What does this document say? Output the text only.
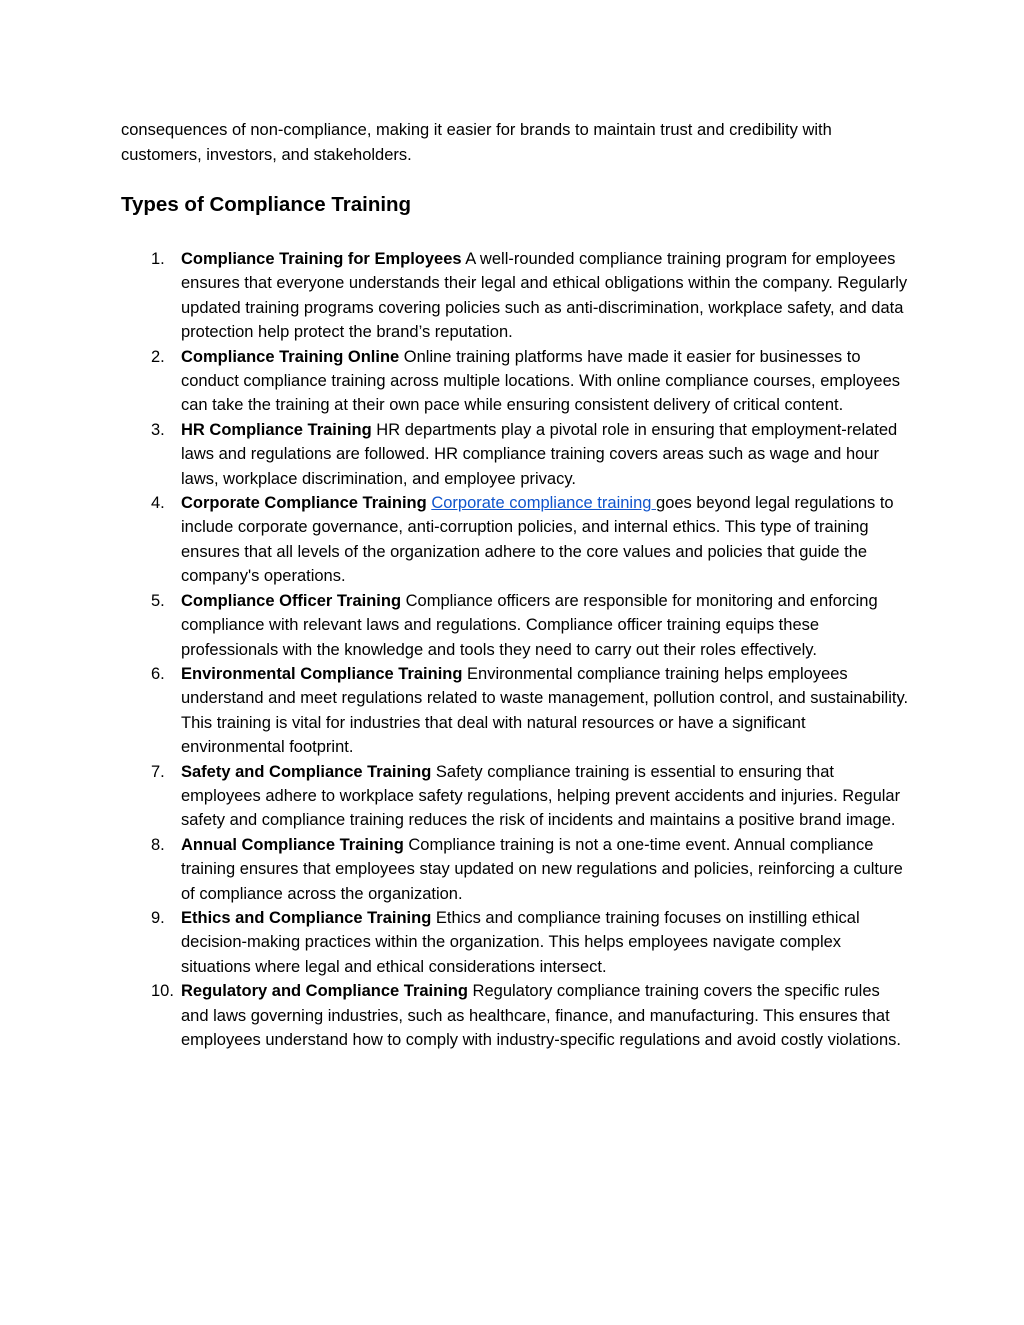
consequences of non-compliance, making it easier for brands to maintain trust and credibility with customers, investors, and stakeholders.

Types of Compliance Training
1. Compliance Training for Employees A well-rounded compliance training program for employees ensures that everyone understands their legal and ethical obligations within the company. Regularly updated training programs covering policies such as anti-discrimination, workplace safety, and data protection help protect the brand’s reputation.
2. Compliance Training Online Online training platforms have made it easier for businesses to conduct compliance training across multiple locations. With online compliance courses, employees can take the training at their own pace while ensuring consistent delivery of critical content.
3. HR Compliance Training HR departments play a pivotal role in ensuring that employment-related laws and regulations are followed. HR compliance training covers areas such as wage and hour laws, workplace discrimination, and employee privacy.
4. Corporate Compliance Training Corporate compliance training goes beyond legal regulations to include corporate governance, anti-corruption policies, and internal ethics. This type of training ensures that all levels of the organization adhere to the core values and policies that guide the company's operations.
5. Compliance Officer Training Compliance officers are responsible for monitoring and enforcing compliance with relevant laws and regulations. Compliance officer training equips these professionals with the knowledge and tools they need to carry out their roles effectively.
6. Environmental Compliance Training Environmental compliance training helps employees understand and meet regulations related to waste management, pollution control, and sustainability. This training is vital for industries that deal with natural resources or have a significant environmental footprint.
7. Safety and Compliance Training Safety compliance training is essential to ensuring that employees adhere to workplace safety regulations, helping prevent accidents and injuries. Regular safety and compliance training reduces the risk of incidents and maintains a positive brand image.
8. Annual Compliance Training Compliance training is not a one-time event. Annual compliance training ensures that employees stay updated on new regulations and policies, reinforcing a culture of compliance across the organization.
9. Ethics and Compliance Training Ethics and compliance training focuses on instilling ethical decision-making practices within the organization. This helps employees navigate complex situations where legal and ethical considerations intersect.
10. Regulatory and Compliance Training Regulatory compliance training covers the specific rules and laws governing industries, such as healthcare, finance, and manufacturing. This ensures that employees understand how to comply with industry-specific regulations and avoid costly violations.
